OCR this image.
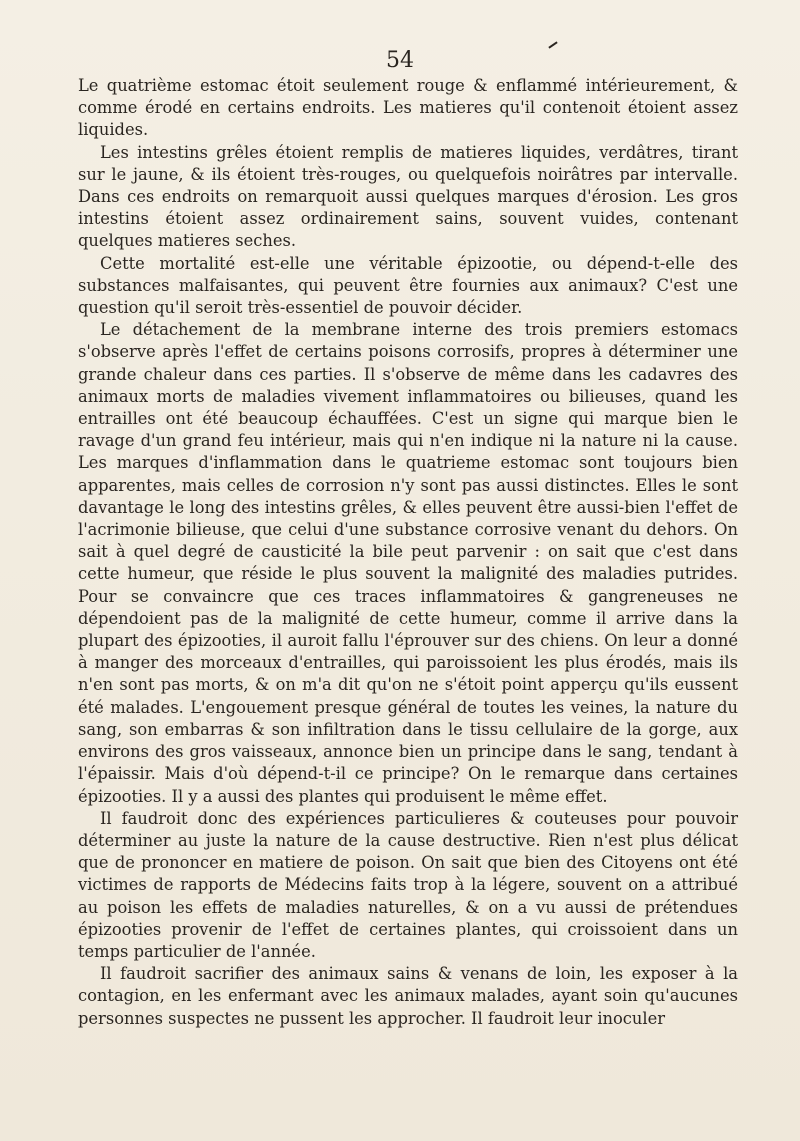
54

Le quatrième estomac étoit seulement rouge & enflammé intérieurement, & comme érodé en certains endroits. Les matieres qu'il contenoit étoient assez liquides.

Les intestins grêles étoient remplis de matieres liquides, verdâtres, tirant sur le jaune, & ils étoient très-rouges, ou quelquefois noirâtres par intervalle. Dans ces endroits on remarquoit aussi quelques marques d'érosion. Les gros intestins étoient assez ordinairement sains, souvent vuides, contenant quelques matieres seches.

Cette mortalité est-elle une véritable épizootie, ou dépend-t-elle des substances malfaisantes, qui peuvent être fournies aux animaux? C'est une question qu'il seroit très-essentiel de pouvoir décider.

Le détachement de la membrane interne des trois premiers estomacs s'observe après l'effet de certains poisons corrosifs, propres à déterminer une grande chaleur dans ces parties. Il s'observe de même dans les cadavres des animaux morts de maladies vivement inflammatoires ou bilieuses, quand les entrailles ont été beaucoup échauffées. C'est un signe qui marque bien le ravage d'un grand feu intérieur, mais qui n'en indique ni la nature ni la cause. Les marques d'inflammation dans le quatrieme estomac sont toujours bien apparentes, mais celles de corrosion n'y sont pas aussi distinctes. Elles le sont davantage le long des intestins grêles, & elles peuvent être aussi-bien l'effet de l'acrimonie bilieuse, que celui d'une substance corrosive venant du dehors. On sait à quel degré de causticité la bile peut parvenir : on sait que c'est dans cette humeur, que réside le plus souvent la malignité des maladies putrides. Pour se convaincre que ces traces inflammatoires & gangreneuses ne dépendoient pas de la malignité de cette humeur, comme il arrive dans la plupart des épizooties, il auroit fallu l'éprouver sur des chiens. On leur a donné à manger des morceaux d'entrailles, qui paroissoient les plus érodés, mais ils n'en sont pas morts, & on m'a dit qu'on ne s'étoit point apperçu qu'ils eussent été malades. L'engouement presque général de toutes les veines, la nature du sang, son embarras & son infiltration dans le tissu cellulaire de la gorge, aux environs des gros vaisseaux, annonce bien un principe dans le sang, tendant à l'épaissir. Mais d'où dépend-t-il ce principe? On le remarque dans certaines épizooties. Il y a aussi des plantes qui produisent le même effet.

Il faudroit donc des expériences particulieres & couteuses pour pouvoir déterminer au juste la nature de la cause destructive. Rien n'est plus délicat que de prononcer en matiere de poison. On sait que bien des Citoyens ont été victimes de rapports de Médecins faits trop à la légere, souvent on a attribué au poison les effets de maladies naturelles, & on a vu aussi de prétendues épizooties provenir de l'effet de certaines plantes, qui croissoient dans un temps particulier de l'année.

Il faudroit sacrifier des animaux sains & venans de loin, les exposer à la contagion, en les enfermant avec les animaux malades, ayant soin qu'aucunes personnes suspectes ne pussent les approcher. Il faudroit leur inoculer
